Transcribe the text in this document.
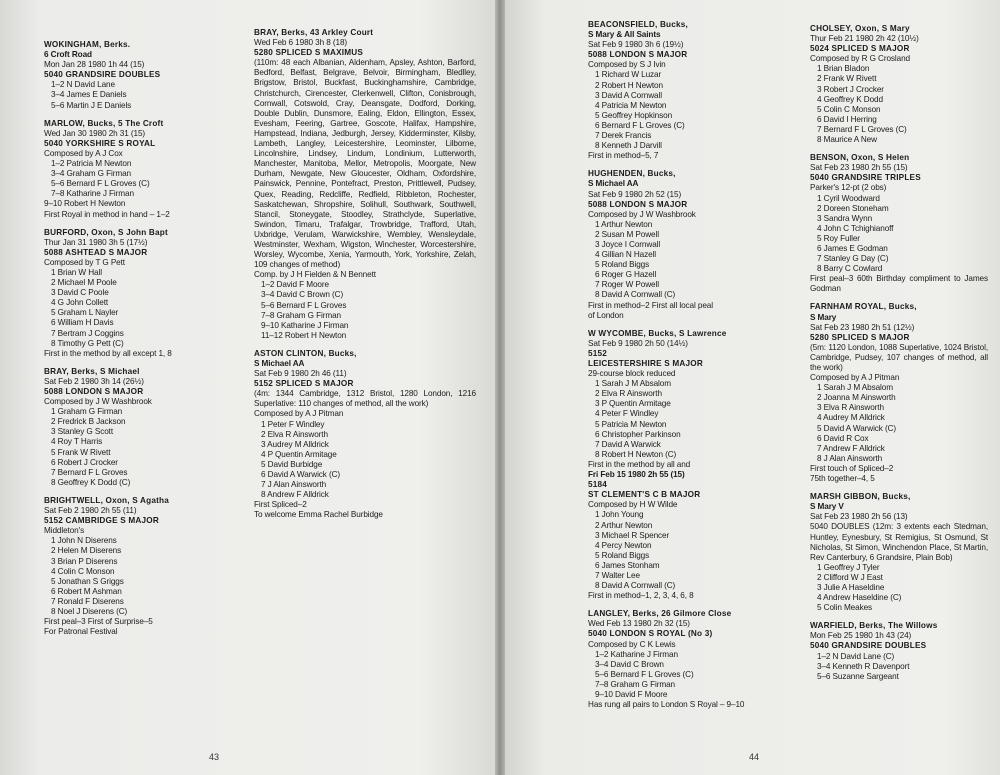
WOKINGHAM, Berks.
6 Croft Road
Mon Jan 28 1980 1h 44 (15)
5040 GRANDSIRE DOUBLES
1–2 N David Lane
3–4 James E Daniels
5–6 Martin J E Daniels
MARLOW, Bucks, 5 The Croft
Wed Jan 30 1980 2h 31 (15)
5040 YORKSHIRE S ROYAL
Composed by A J Cox
1–2 Patricia M Newton
3–4 Graham G Firman
5–6 Bernard F L Groves (C)
7–8 Katharine J Firman
9–10 Robert H Newton
First Royal in method in hand – 1–2
BURFORD, Oxon, S John Bapt
Thur Jan 31 1980 3h 5 (17½)
5088 ASHTEAD S MAJOR
Composed by T G Pett
1 Brian W Hall
2 Michael M Poole
3 David C Poole
4 G John Collett
5 Graham L Nayler
6 William H Davis
7 Bertram J Coggins
8 Timothy G Pett (C)
First in the method by all except 1, 8
BRAY, Berks, S Michael
Sat Feb 2 1980 3h 14 (26½)
5088 LONDON S MAJOR
Composed by J W Washbrook
1 Graham G Firman
2 Fredrick B Jackson
3 Stanley G Scott
4 Roy T Harris
5 Frank W Rivett
6 Robert J Crocker
7 Bernard F L Groves
8 Geoffrey K Dodd (C)
BRIGHTWELL, Oxon, S Agatha
Sat Feb 2 1980 2h 55 (11)
5152 CAMBRIDGE S MAJOR
Middleton's
1 John N Diserens
2 Helen M Diserens
3 Brian P Diserens
4 Colin C Monson
5 Jonathan S Griggs
6 Robert M Ashman
7 Ronald F Diserens
8 Noel J Diserens (C)
First peal–3 First of Surprise–5
For Patronal Festival
BRAY, Berks, 43 Arkley Court
Wed Feb 6 1980 3h 8 (18)
5280 SPLICED S MAXIMUS
(110m: 48 each Albanian, Aldenham, Apsley, Ashton, Barford, Bedford, Belfast, Belgrave, Belvoir, Birmingham, Bledlley, Brigstow, Bristol, Buckfast, Buckinghamshire, Cambridge, Christchurch, Cirencester, Clerkenwell, Clifton, Conisbrough, Cornwall, Cotswold, Cray, Deansgate, Dodford, Dorking, Double Dublin, Dunsmore, Ealing, Eldon, Ellington, Essex, Evesham, Feering, Gartree, Goscote, Halifax, Hampshire, Hampstead, Indiana, Jedburgh, Jersey, Kidderminster, Kilsby, Lambeth, Langley, Leicestershire, Leominster, Lilborne, Lincolnshire, Lindsey, Lindum, Londinium, Lutterworth, Manchester, Manitoba, Mellor, Metropolis, Moorgate, New Durham, Newgate, New Gloucester, Oldham, Oxfordshire, Painswick, Pennine, Pontefract, Preston, Prittlewell, Pudsey, Quex, Reading, Redcliffe, Redfield, Ribbleton, Rochester, Saskatchewan, Shropshire, Solihull, Southwark, Southwell, Stancil, Stoneygate, Stoodley, Strathclyde, Superlative, Swindon, Timaru, Trafalgar, Trowbridge, Trafford, Utah, Uxbridge, Verulam, Warwickshire, Wembley, Wensleydale, Westminster, Wexham, Wigston, Winchester, Worcestershire, Worsley, Wycombe, Xenia, Yarmouth, York, Yorkshire, Zelah, 109 changes of method)
Comp. by J H Fielden & N Bennett
1–2 David F Moore
3–4 David C Brown (C)
5–6 Bernard F L Groves
7–8 Graham G Firman
9–10 Katharine J Firman
11–12 Robert H Newton
ASTON CLINTON, Bucks,
S Michael AA
Sat Feb 9 1980 2h 46 (11)
5152 SPLICED S MAJOR
(4m: 1344 Cambridge, 1312 Bristol, 1280 London, 1216 Superlative: 110 changes of method, all the work)
Composed by A J Pitman
1 Peter F Windley
2 Elva R Ainsworth
3 Audrey M Alldrick
4 P Quentin Armitage
5 David Burbidge
6 David A Warwick (C)
7 J Alan Ainsworth
8 Andrew F Alldrick
First Spliced–2
To welcome Emma Rachel Burbidge
43
BEACONSFIELD, Bucks,
S Mary & All Saints
Sat Feb 9 1980 3h 6 (19½)
5088 LONDON S MAJOR
Composed by S J Ivin
1 Richard W Luzar
2 Robert H Newton
3 David A Cornwall
4 Patricia M Newton
5 Geoffrey Hopkinson
6 Bernard F L Groves (C)
7 Derek Francis
8 Kenneth J Darvill
First in method–5, 7
HUGHENDEN, Bucks,
S Michael AA
Sat Feb 9 1980 2h 52 (15)
5088 LONDON S MAJOR
Composed by J W Washbrook
1 Arthur Newton
2 Susan M Powell
3 Joyce I Cornwall
4 Gillian N Hazell
5 Roland Biggs
6 Roger G Hazell
7 Roger W Powell
8 David A Cornwall (C)
First in method–2 First all local peal
of London
W WYCOMBE, Bucks, S Lawrence
Sat Feb 9 1980 2h 50 (14½)
5152
LEICESTERSHIRE S MAJOR
29-course block reduced
1 Sarah J M Absalom
2 Elva R Ainsworth
3 P Quentin Armitage
4 Peter F Windley
5 Patricia M Newton
6 Christopher Parkinson
7 David A Warwick
8 Robert H Newton (C)
First in the method by all and
Fri Feb 15 1980 2h 55 (15)
5184
ST CLEMENT'S C B MAJOR
Composed by H W Wilde
1 John Young
2 Arthur Newton
3 Michael R Spencer
4 Percy Newton
5 Roland Biggs
6 James Stonham
7 Walter Lee
8 David A Cornwall (C)
First in method–1, 2, 3, 4, 6, 8
LANGLEY, Berks, 26 Gilmore Close
Wed Feb 13 1980 2h 32 (15)
5040 LONDON S ROYAL (No 3)
Composed by C K Lewis
1–2 Katharine J Firman
3–4 David C Brown
5–6 Bernard F L Groves (C)
7–8 Graham G Firman
9–10 David F Moore
Has rung all pairs to London S Royal – 9–10
CHOLSEY, Oxon, S Mary
Thur Feb 21 1980 2h 42 (10½)
5024 SPLICED S MAJOR
Composed by R G Crosland
1 Brian Bladon
2 Frank W Rivett
3 Robert J Crocker
4 Geoffrey K Dodd
5 Colin C Monson
6 David I Herring
7 Bernard F L Groves (C)
8 Maurice A New
BENSON, Oxon, S Helen
Sat Feb 23 1980 2h 55 (15)
5040 GRANDSIRE TRIPLES
Parker's 12-pt (2 obs)
1 Cyril Woodward
2 Doreen Stoneham
3 Sandra Wynn
4 John C Tchighianoff
5 Roy Fuller
6 James E Godman
7 Stanley G Day (C)
8 Barry C Cowlard
First peal–3 60th Birthday compliment to James Godman
FARNHAM ROYAL, Bucks,
S Mary
Sat Feb 23 1980 2h 51 (12½)
5280 SPLICED S MAJOR
(5m: 1120 London, 1088 Superlative, 1024 Bristol, Cambridge, Pudsey, 107 changes of method, all the work)
Composed by A J Pitman
1 Sarah J M Absalom
2 Joanna M Ainsworth
3 Elva R Ainsworth
4 Audrey M Alldrick
5 David A Warwick (C)
6 David R Cox
7 Andrew F Alldrick
8 J Alan Ainsworth
First touch of Spliced–2
75th together–4, 5
MARSH GIBBON, Bucks,
S Mary V
Sat Feb 23 1980 2h 56 (13)
5040 DOUBLES (12m: 3 extents each Stedman, Huntley, Eynesbury, St Remigius, St Osmund, St Nicholas, St Simon, Winchendon Place, St Martin, Rev Canterbury, 6 Grandsire, Plain Bob)
1 Geoffrey J Tyler
2 Clifford W J East
3 Julie A Haseldine
4 Andrew Haseldine (C)
5 Colin Meakes
WARFIELD, Berks, The Willows
Mon Feb 25 1980 1h 43 (24)
5040 GRANDSIRE DOUBLES
1–2 N David Lane (C)
3–4 Kenneth R Davenport
5–6 Suzanne Sargeant
44
